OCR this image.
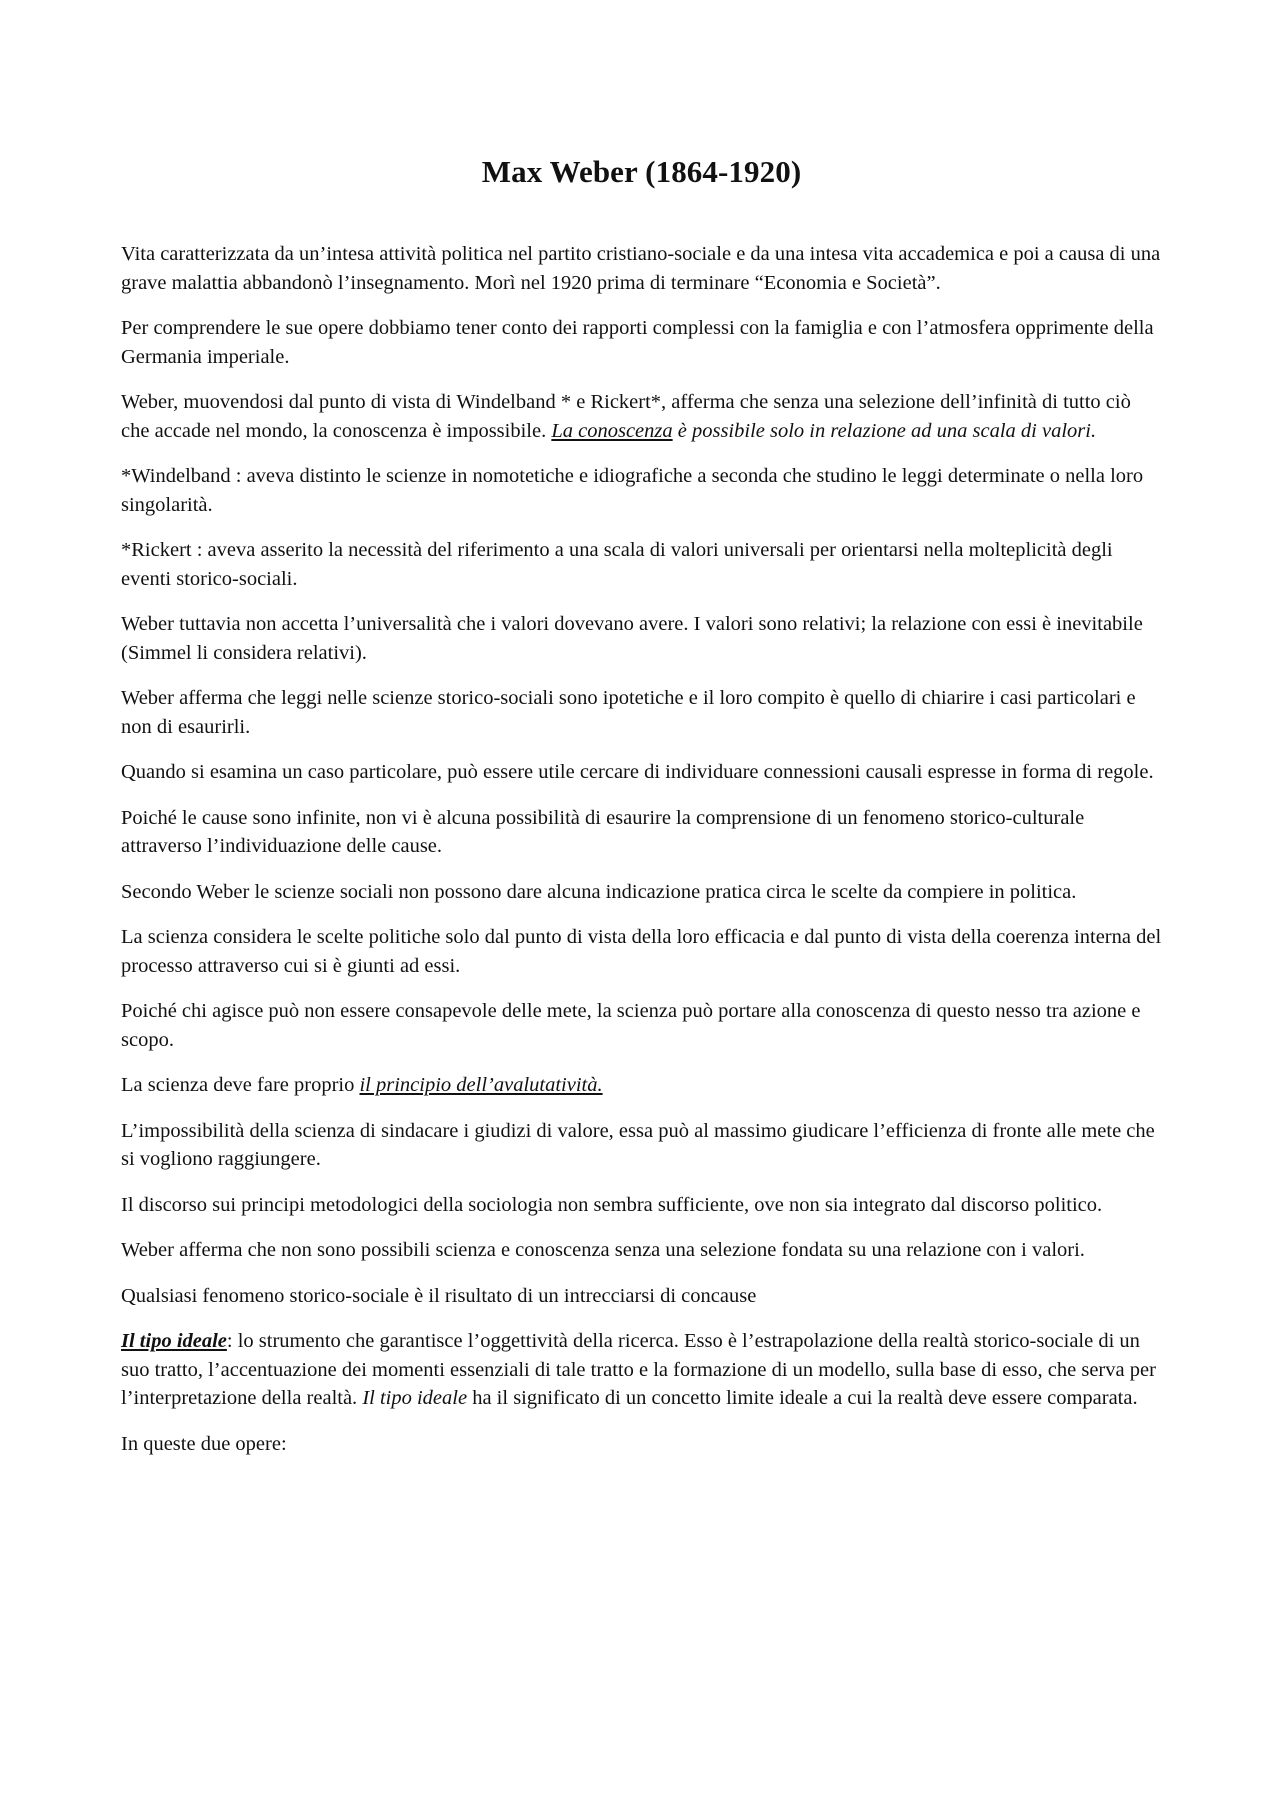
Max Weber (1864-1920)

Vita caratterizzata da un’intesa attività politica nel partito cristiano-sociale e da una intesa vita accademica e poi a causa di una grave malattia abbandonò l’insegnamento. Morì nel 1920 prima di terminare “Economia e Società”.

Per comprendere le sue opere dobbiamo tener conto dei rapporti complessi con la famiglia e con l’atmosfera opprimente della Germania imperiale.

Weber, muovendosi dal punto di vista di Windelband * e Rickert*, afferma che senza una selezione dell’infinità di tutto ciò che accade nel mondo, la conoscenza è impossibile. La conoscenza è possibile solo in relazione ad una scala di valori.

*Windelband : aveva distinto le scienze in nomotetiche e idiografiche a seconda che studino le leggi determinate o nella loro singolarità.

*Rickert : aveva asserito la necessità del riferimento a una scala di valori universali per orientarsi nella molteplicità degli eventi storico-sociali.

Weber tuttavia non accetta l’universalità che i valori dovevano avere. I valori sono relativi; la relazione con essi è inevitabile (Simmel li considera relativi).

Weber afferma che leggi nelle scienze storico-sociali sono ipotetiche e il loro compito è quello di chiarire i casi particolari e non di esaurirli.

Quando si esamina un caso particolare, può essere utile cercare di individuare connessioni causali espresse in forma di regole.

Poiché le cause sono infinite, non vi è alcuna possibilità di esaurire la comprensione di un fenomeno storico-culturale attraverso l’individuazione delle cause.

Secondo Weber le scienze sociali non possono dare alcuna indicazione pratica circa le scelte da compiere in politica.

La scienza considera le scelte politiche solo dal punto di vista della loro efficacia e dal punto di vista della coerenza interna del processo attraverso cui si è giunti ad essi.

Poiché chi agisce può non essere consapevole delle mete, la scienza può portare alla conoscenza di questo nesso tra azione e scopo.

La scienza deve fare proprio il principio dell’avalutatività.

L’impossibilità della scienza di sindacare i giudizi di valore, essa può al massimo giudicare l’efficienza di fronte alle mete che si vogliono raggiungere.

Il discorso sui principi metodologici della sociologia non sembra sufficiente, ove non sia integrato dal discorso politico.

Weber afferma che non sono possibili scienza e conoscenza senza una selezione fondata su una relazione con i valori.

Qualsiasi fenomeno storico-sociale è il risultato di un intrecciarsi di concause

Il tipo ideale: lo strumento che garantisce l’oggettività della ricerca. Esso è l’estrapolazione della realtà storico-sociale di un suo tratto, l’accentuazione dei momenti essenziali di tale tratto e la formazione di un modello, sulla base di esso, che serva per l’interpretazione della realtà. Il tipo ideale ha il significato di un concetto limite ideale a cui la realtà deve essere comparata.

In queste due opere:
